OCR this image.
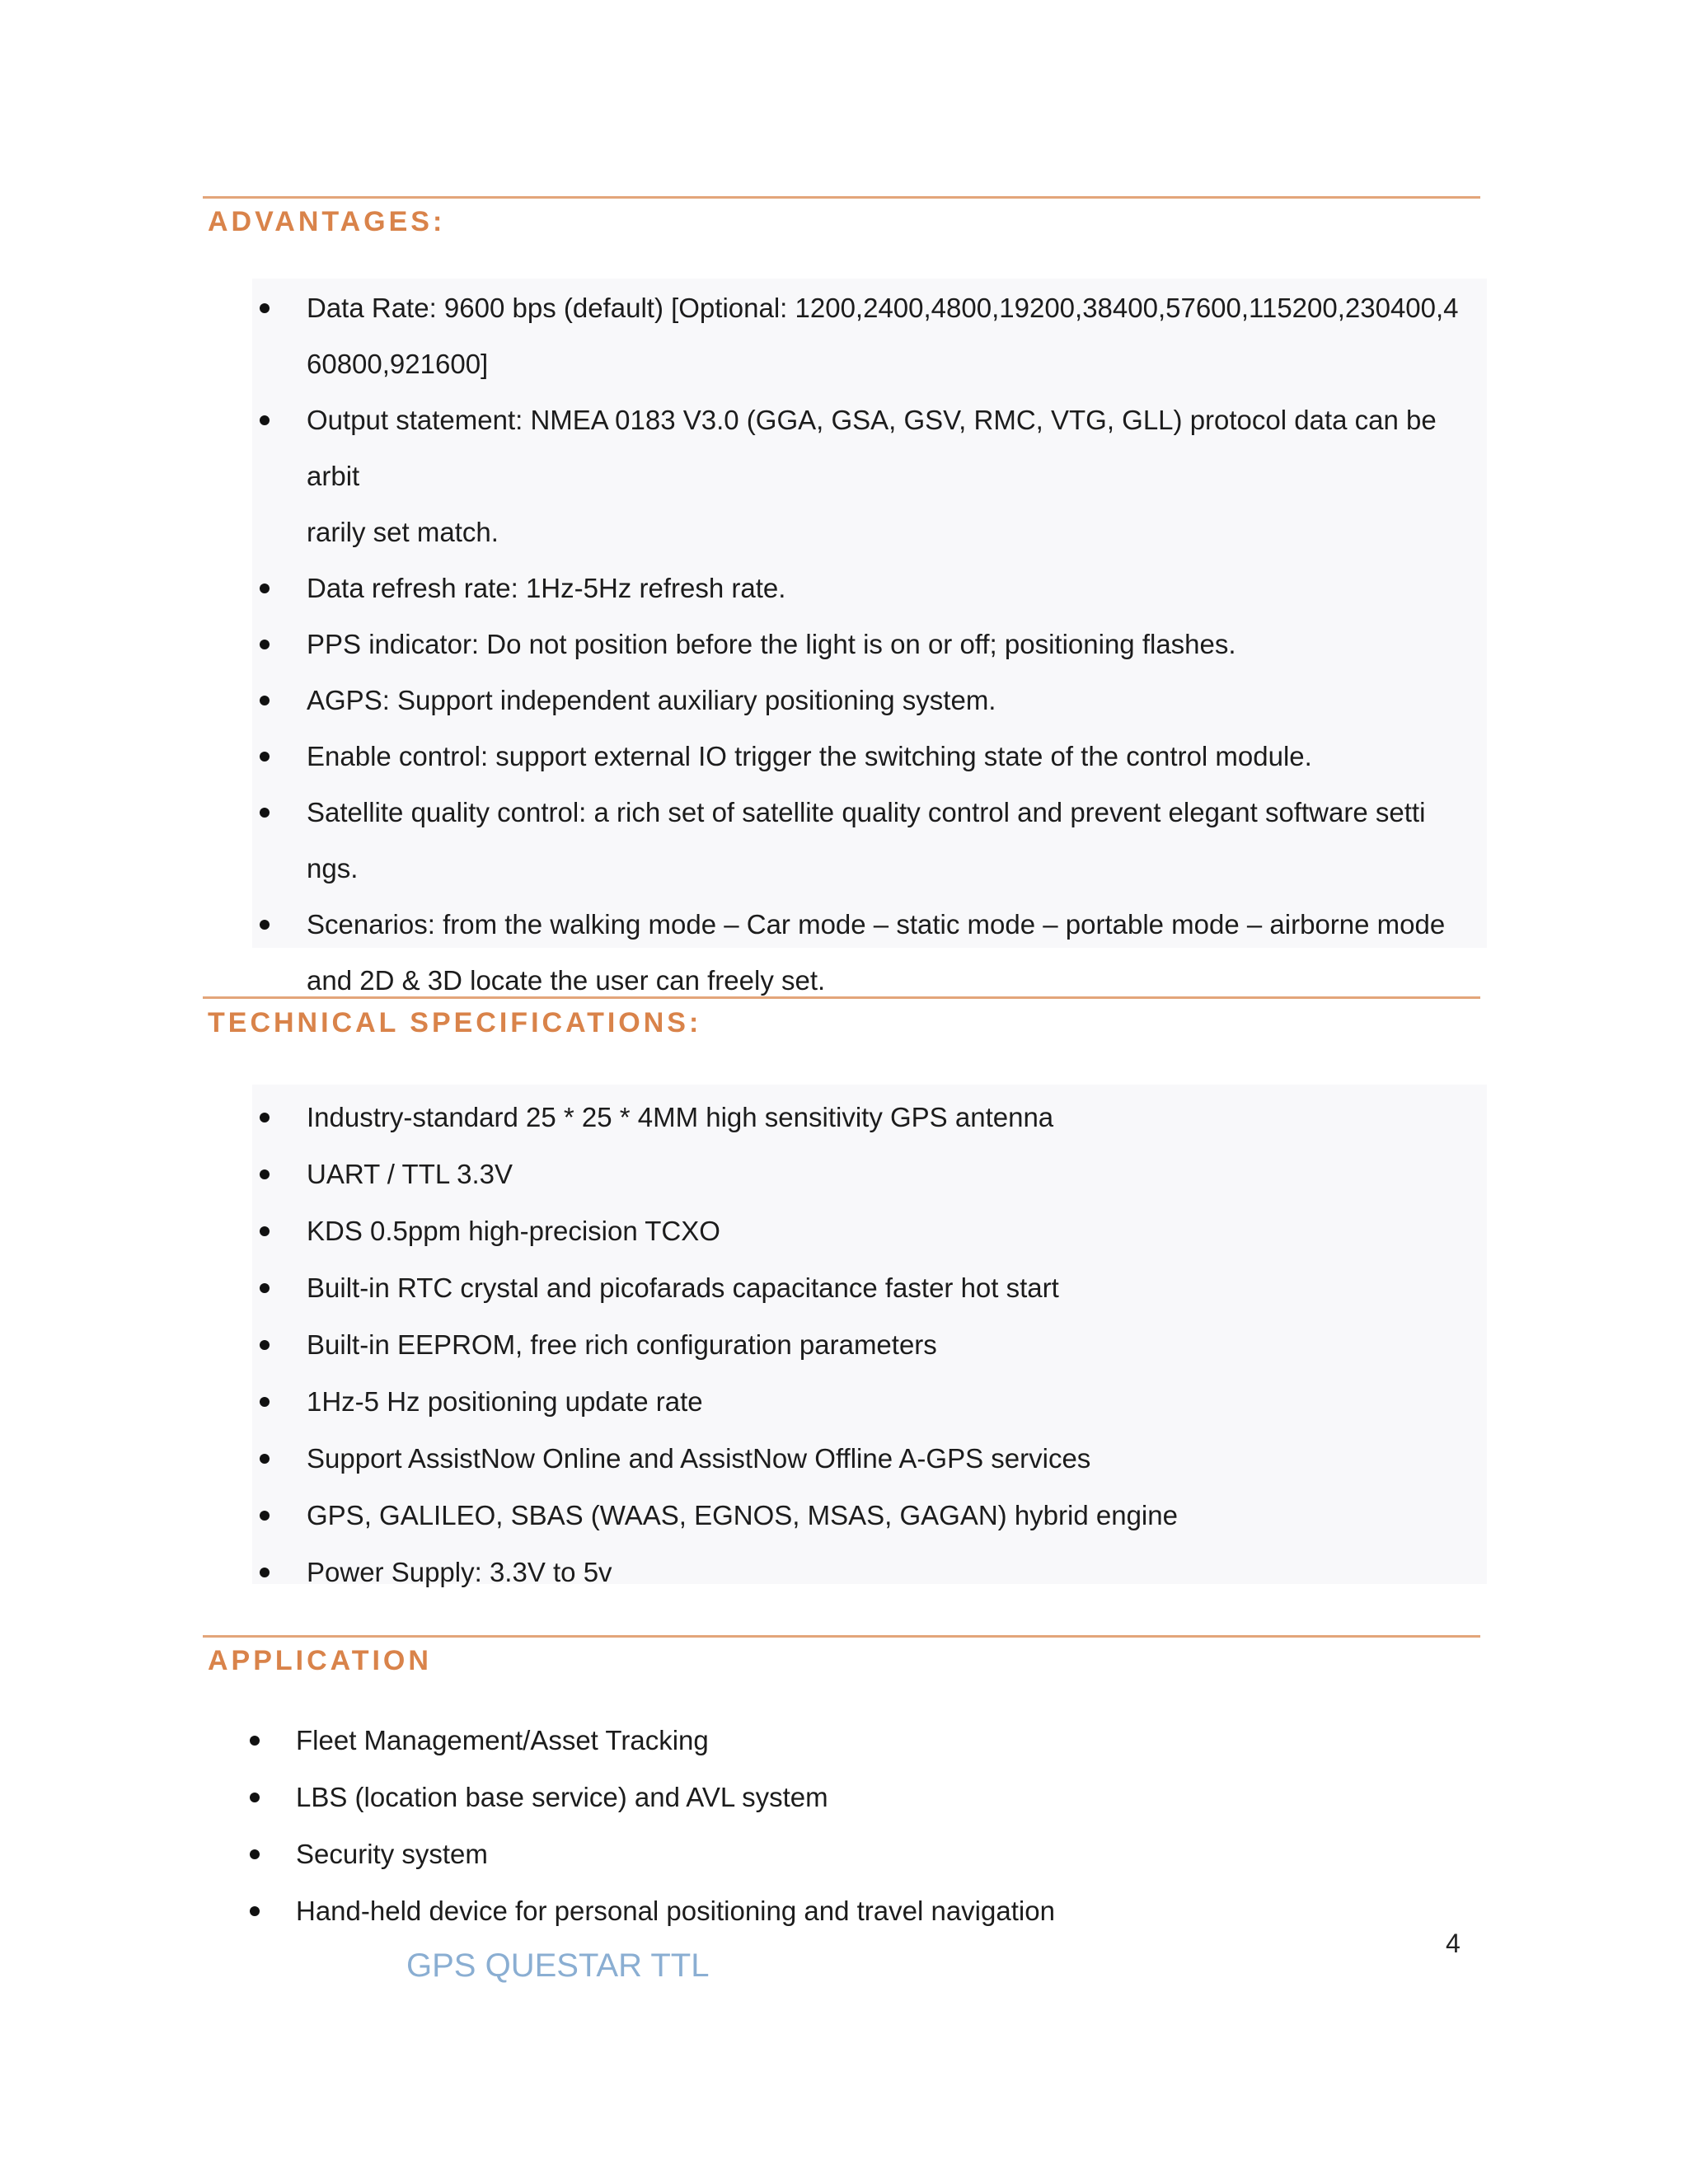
ADVANTAGES:
Data Rate: 9600 bps (default) [Optional: 1200,2400,4800,19200,38400,57600,115200,230400,4
60800,921600]
Output statement: NMEA 0183 V3.0 (GGA, GSA, GSV, RMC, VTG, GLL) protocol data can be arbit
rarily set match.
Data refresh rate: 1Hz-5Hz refresh rate.
PPS indicator: Do not position before the light is on or off; positioning flashes.
AGPS: Support independent auxiliary positioning system.
Enable control: support external IO trigger the switching state of the control module.
Satellite quality control: a rich set of satellite quality control and prevent elegant software setti
ngs.
Scenarios: from the walking mode – Car mode – static mode – portable mode – airborne mode
and 2D & 3D locate the user can freely set.
TECHNICAL SPECIFICATIONS:
Industry-standard 25 * 25 * 4MM high sensitivity GPS antenna
UART / TTL 3.3V
KDS 0.5ppm high-precision TCXO
Built-in RTC crystal and picofarads capacitance faster hot start
Built-in EEPROM, free rich configuration parameters
1Hz-5 Hz positioning update rate
Support AssistNow Online and AssistNow Offline A-GPS services
GPS, GALILEO, SBAS (WAAS, EGNOS, MSAS, GAGAN) hybrid engine
Power Supply: 3.3V to 5v
APPLICATION
Fleet Management/Asset Tracking
LBS (location base service) and AVL system
Security system
Hand-held device for personal positioning and travel navigation
4
GPS QUESTAR TTL
